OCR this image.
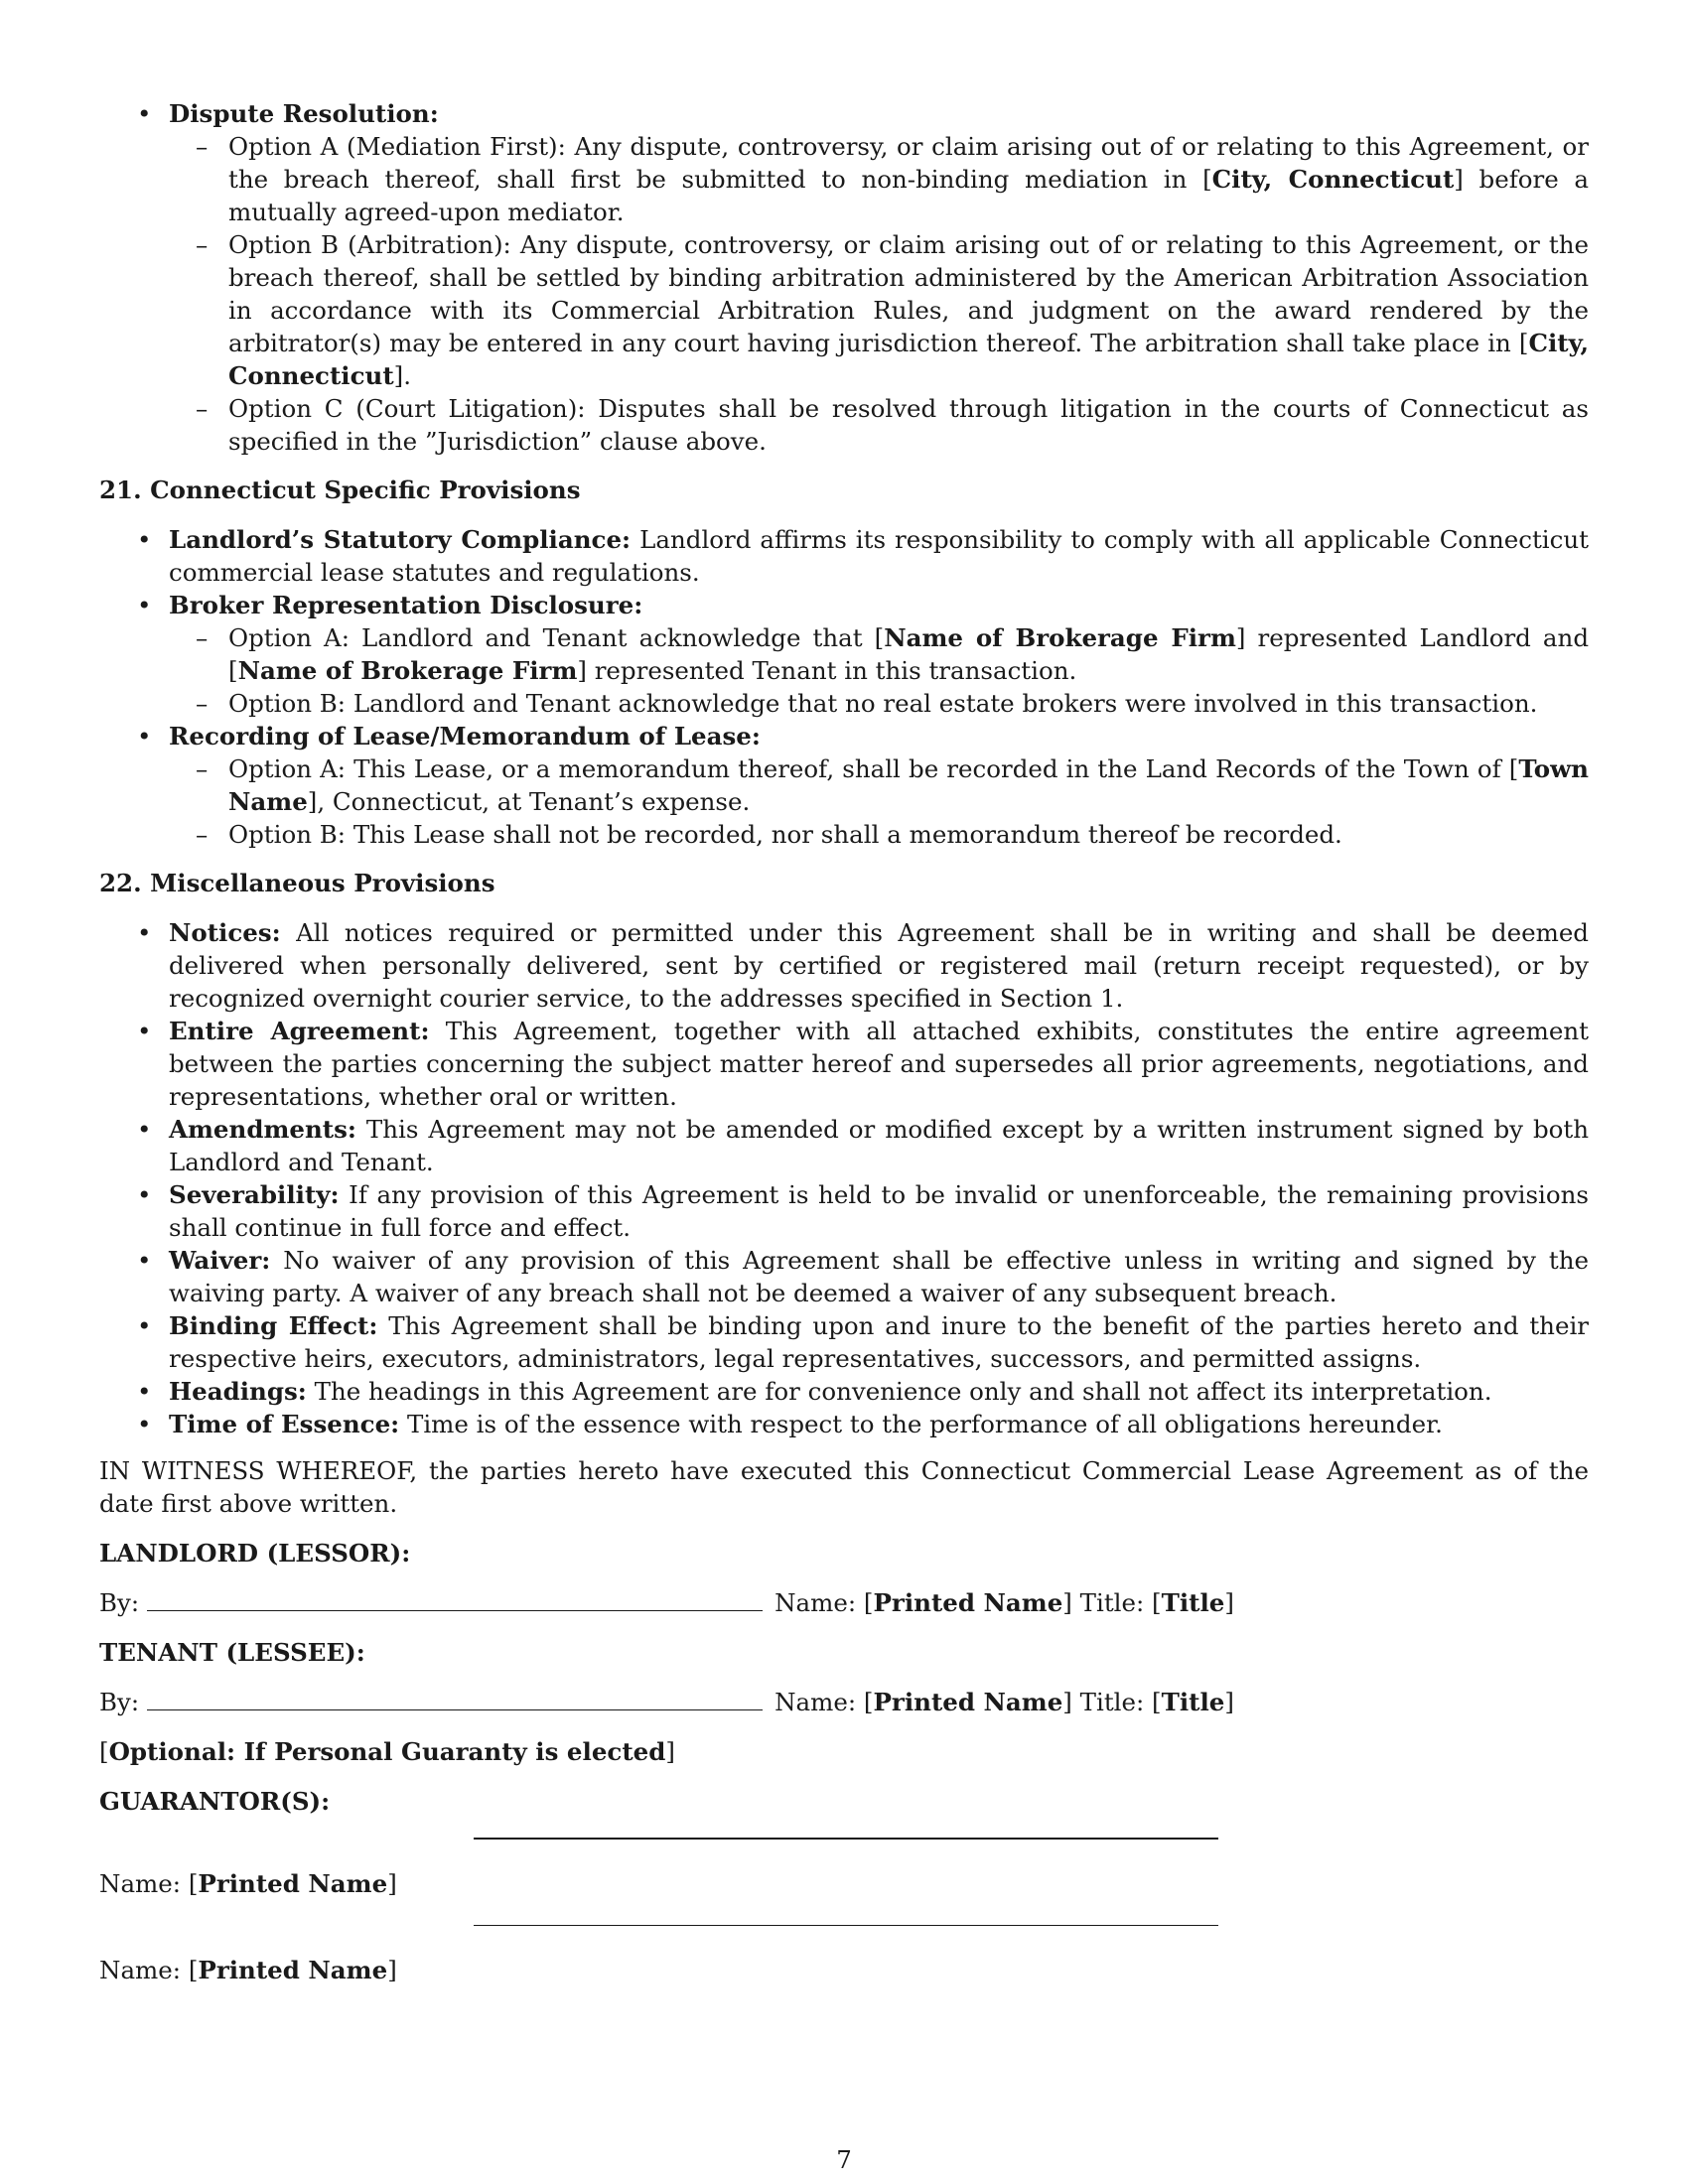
• Dispute Resolution:
– Option A (Mediation First): Any dispute, controversy, or claim arising out of or relating to this Agreement, or the breach thereof, shall first be submitted to non-binding mediation in [City, Connecticut] before a mutually agreed-upon mediator.
– Option B (Arbitration): Any dispute, controversy, or claim arising out of or relating to this Agreement, or the breach thereof, shall be settled by binding arbitration administered by the American Arbitration Association in accordance with its Commercial Arbitration Rules, and judgment on the award rendered by the arbitrator(s) may be entered in any court having jurisdiction thereof. The arbitration shall take place in [City, Connecticut].
– Option C (Court Litigation): Disputes shall be resolved through litigation in the courts of Connecticut as specified in the ”Jurisdiction” clause above.
21. Connecticut Specific Provisions
• Landlord’s Statutory Compliance: Landlord affirms its responsibility to comply with all applicable Connecticut commercial lease statutes and regulations.
• Broker Representation Disclosure:
– Option A: Landlord and Tenant acknowledge that [Name of Brokerage Firm] represented Landlord and [Name of Brokerage Firm] represented Tenant in this transaction.
– Option B: Landlord and Tenant acknowledge that no real estate brokers were involved in this transaction.
• Recording of Lease/Memorandum of Lease:
– Option A: This Lease, or a memorandum thereof, shall be recorded in the Land Records of the Town of [Town Name], Connecticut, at Tenant’s expense.
– Option B: This Lease shall not be recorded, nor shall a memorandum thereof be recorded.
22. Miscellaneous Provisions
• Notices: All notices required or permitted under this Agreement shall be in writing and shall be deemed delivered when personally delivered, sent by certified or registered mail (return receipt requested), or by recognized overnight courier service, to the addresses specified in Section 1.
• Entire Agreement: This Agreement, together with all attached exhibits, constitutes the entire agreement between the parties concerning the subject matter hereof and supersedes all prior agreements, negotiations, and representations, whether oral or written.
• Amendments: This Agreement may not be amended or modified except by a written instrument signed by both Landlord and Tenant.
• Severability: If any provision of this Agreement is held to be invalid or unenforceable, the remaining provisions shall continue in full force and effect.
• Waiver: No waiver of any provision of this Agreement shall be effective unless in writing and signed by the waiving party. A waiver of any breach shall not be deemed a waiver of any subsequent breach.
• Binding Effect: This Agreement shall be binding upon and inure to the benefit of the parties hereto and their respective heirs, executors, administrators, legal representatives, successors, and permitted assigns.
• Headings: The headings in this Agreement are for convenience only and shall not affect its interpretation.
• Time of Essence: Time is of the essence with respect to the performance of all obligations hereunder.

IN WITNESS WHEREOF, the parties hereto have executed this Connecticut Commercial Lease Agreement as of the date first above written.

LANDLORD (LESSOR):
By:	Name: [Printed Name] Title: [Title]
TENANT (LESSEE):
By:	Name: [Printed Name] Title: [Title]
[Optional: If Personal Guaranty is elected]
GUARANTOR(S):
Name: [Printed Name]
Name: [Printed Name]
7
